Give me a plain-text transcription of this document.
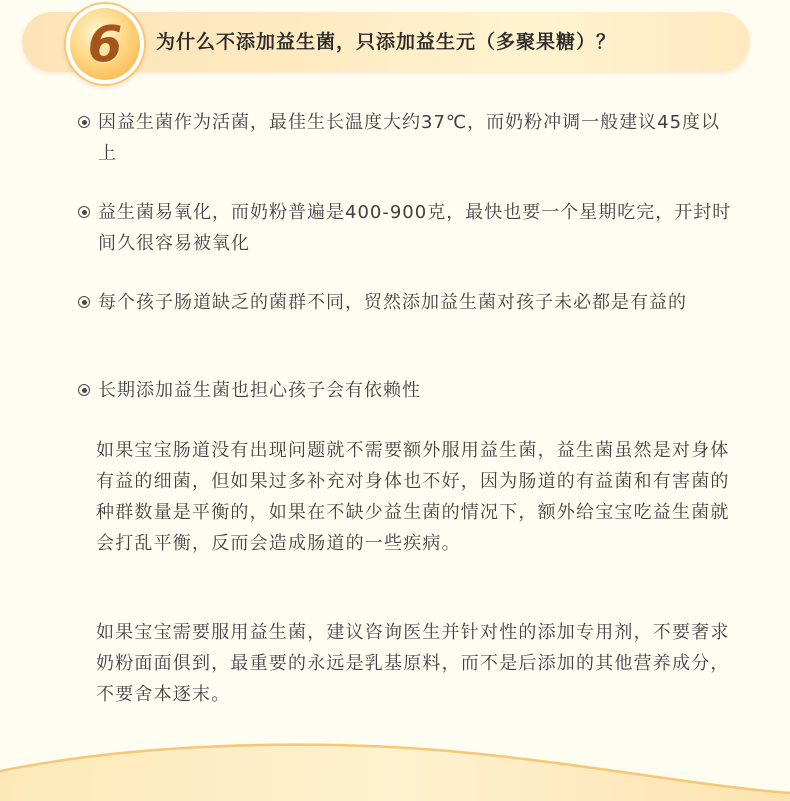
6 为什么不添加益生菌，只添加益生元（多聚果糖）？
因益生菌作为活菌，最佳生长温度大约37℃，而奶粉冲调一般建议45度以上
益生菌易氧化，而奶粉普遍是400-900克，最快也要一个星期吃完，开封时间久很容易被氧化
每个孩子肠道缺乏的菌群不同，贸然添加益生菌对孩子未必都是有益的
长期添加益生菌也担心孩子会有依赖性
如果宝宝肠道没有出现问题就不需要额外服用益生菌，益生菌虽然是对身体有益的细菌，但如果过多补充对身体也不好，因为肠道的有益菌和有害菌的种群数量是平衡的，如果在不缺少益生菌的情况下，额外给宝宝吃益生菌就会打乱平衡，反而会造成肠道的一些疾病。
如果宝宝需要服用益生菌，建议咨询医生并针对性的添加专用剂，不要奢求奶粉面面俱到，最重要的永远是乳基原料，而不是后添加的其他营养成分，不要舍本逐末。
